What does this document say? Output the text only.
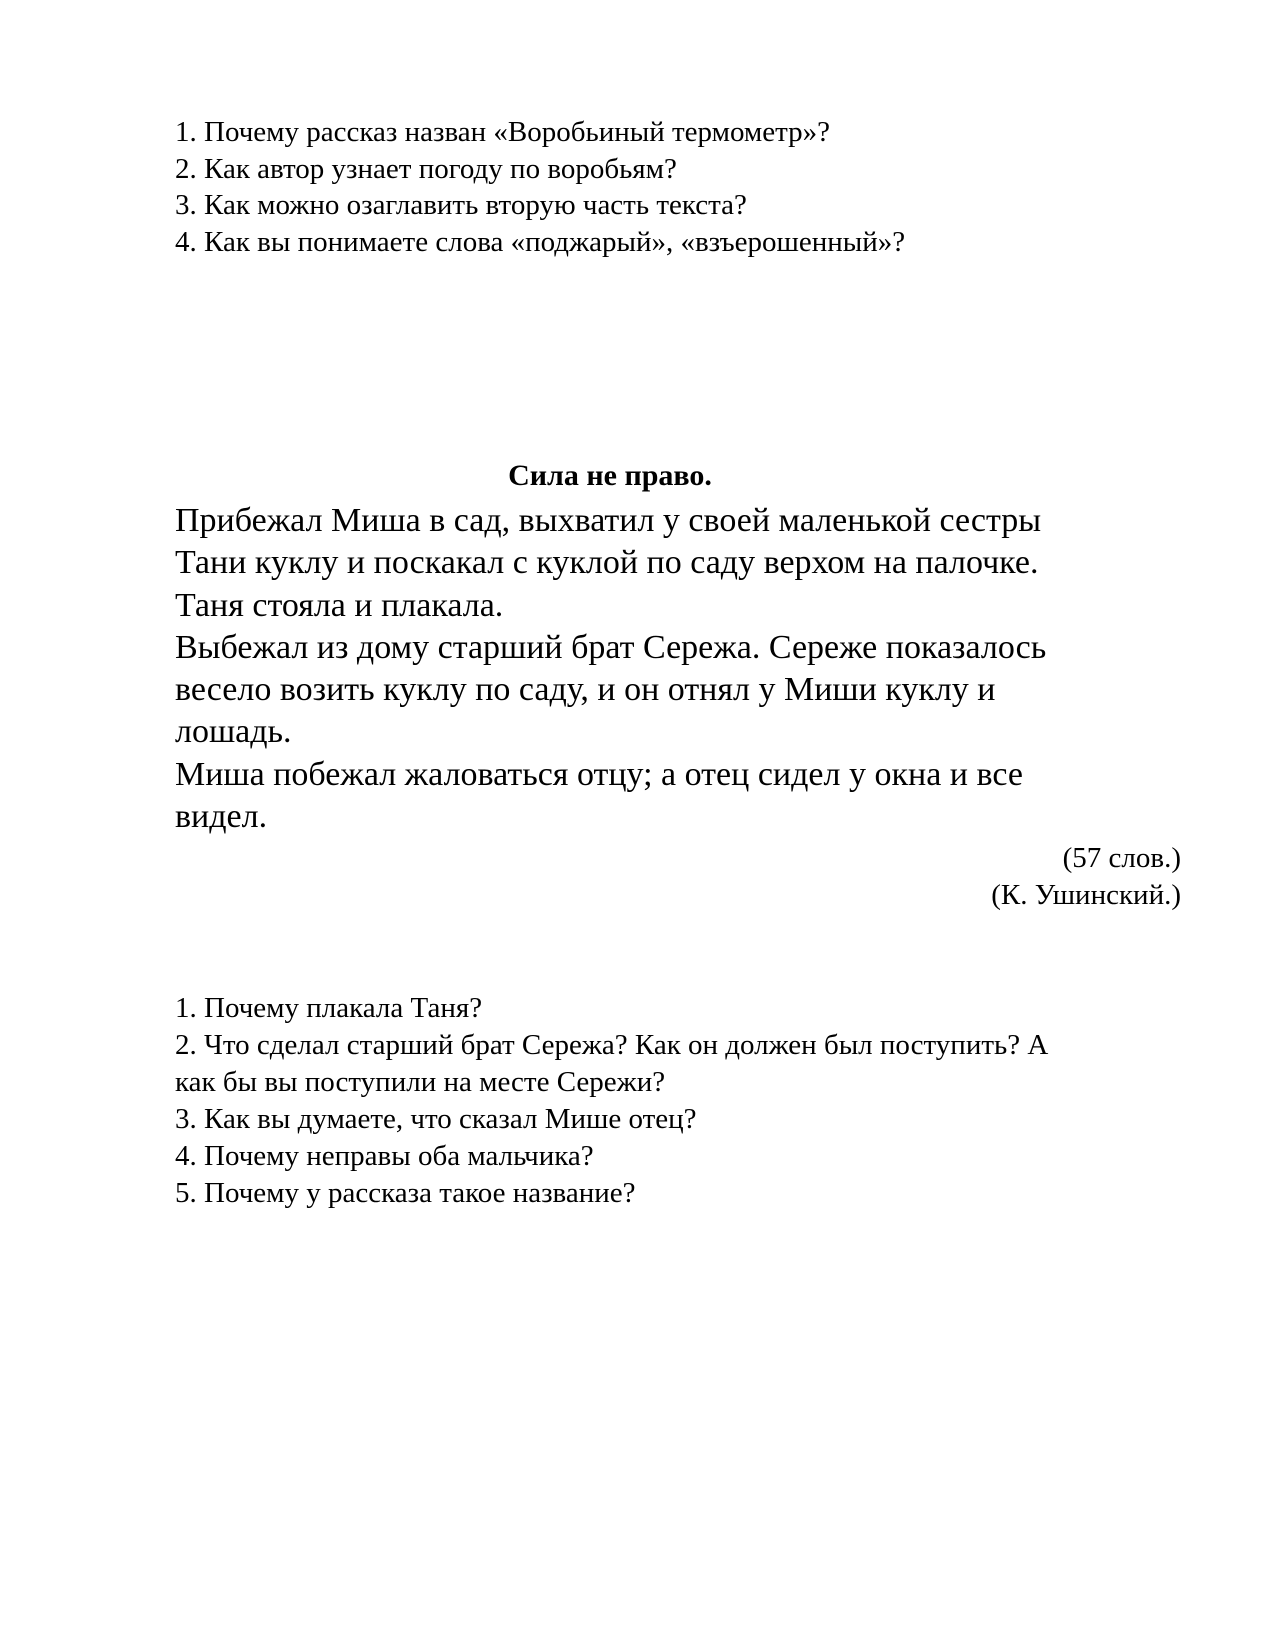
1. Почему рассказ назван «Воробьиный термометр»?
2. Как автор узнает погоду по воробьям?
3. Как можно озаглавить вторую часть текста?
4. Как вы понимаете слова «поджарый», «взъерошенный»?
Сила не право.
Прибежал Миша в сад, выхватил у своей маленькой сестры
Тани куклу и поскакал с куклой по саду верхом на палочке.
Таня стояла и плакала.
Выбежал из дому старший брат Сережа. Сереже показалось
весело возить куклу по саду, и он отнял у Миши куклу и
лошадь.
Миша побежал жаловаться отцу; а отец сидел у окна и все
видел.
(57 слов.)
(К. Ушинский.)
1. Почему плакала Таня?
2. Что сделал старший брат Сережа? Как он должен был поступить? А
как бы вы поступили на месте Сережи?
3. Как вы думаете, что сказал Мише отец?
4. Почему неправы оба мальчика?
5. Почему у рассказа такое название?
